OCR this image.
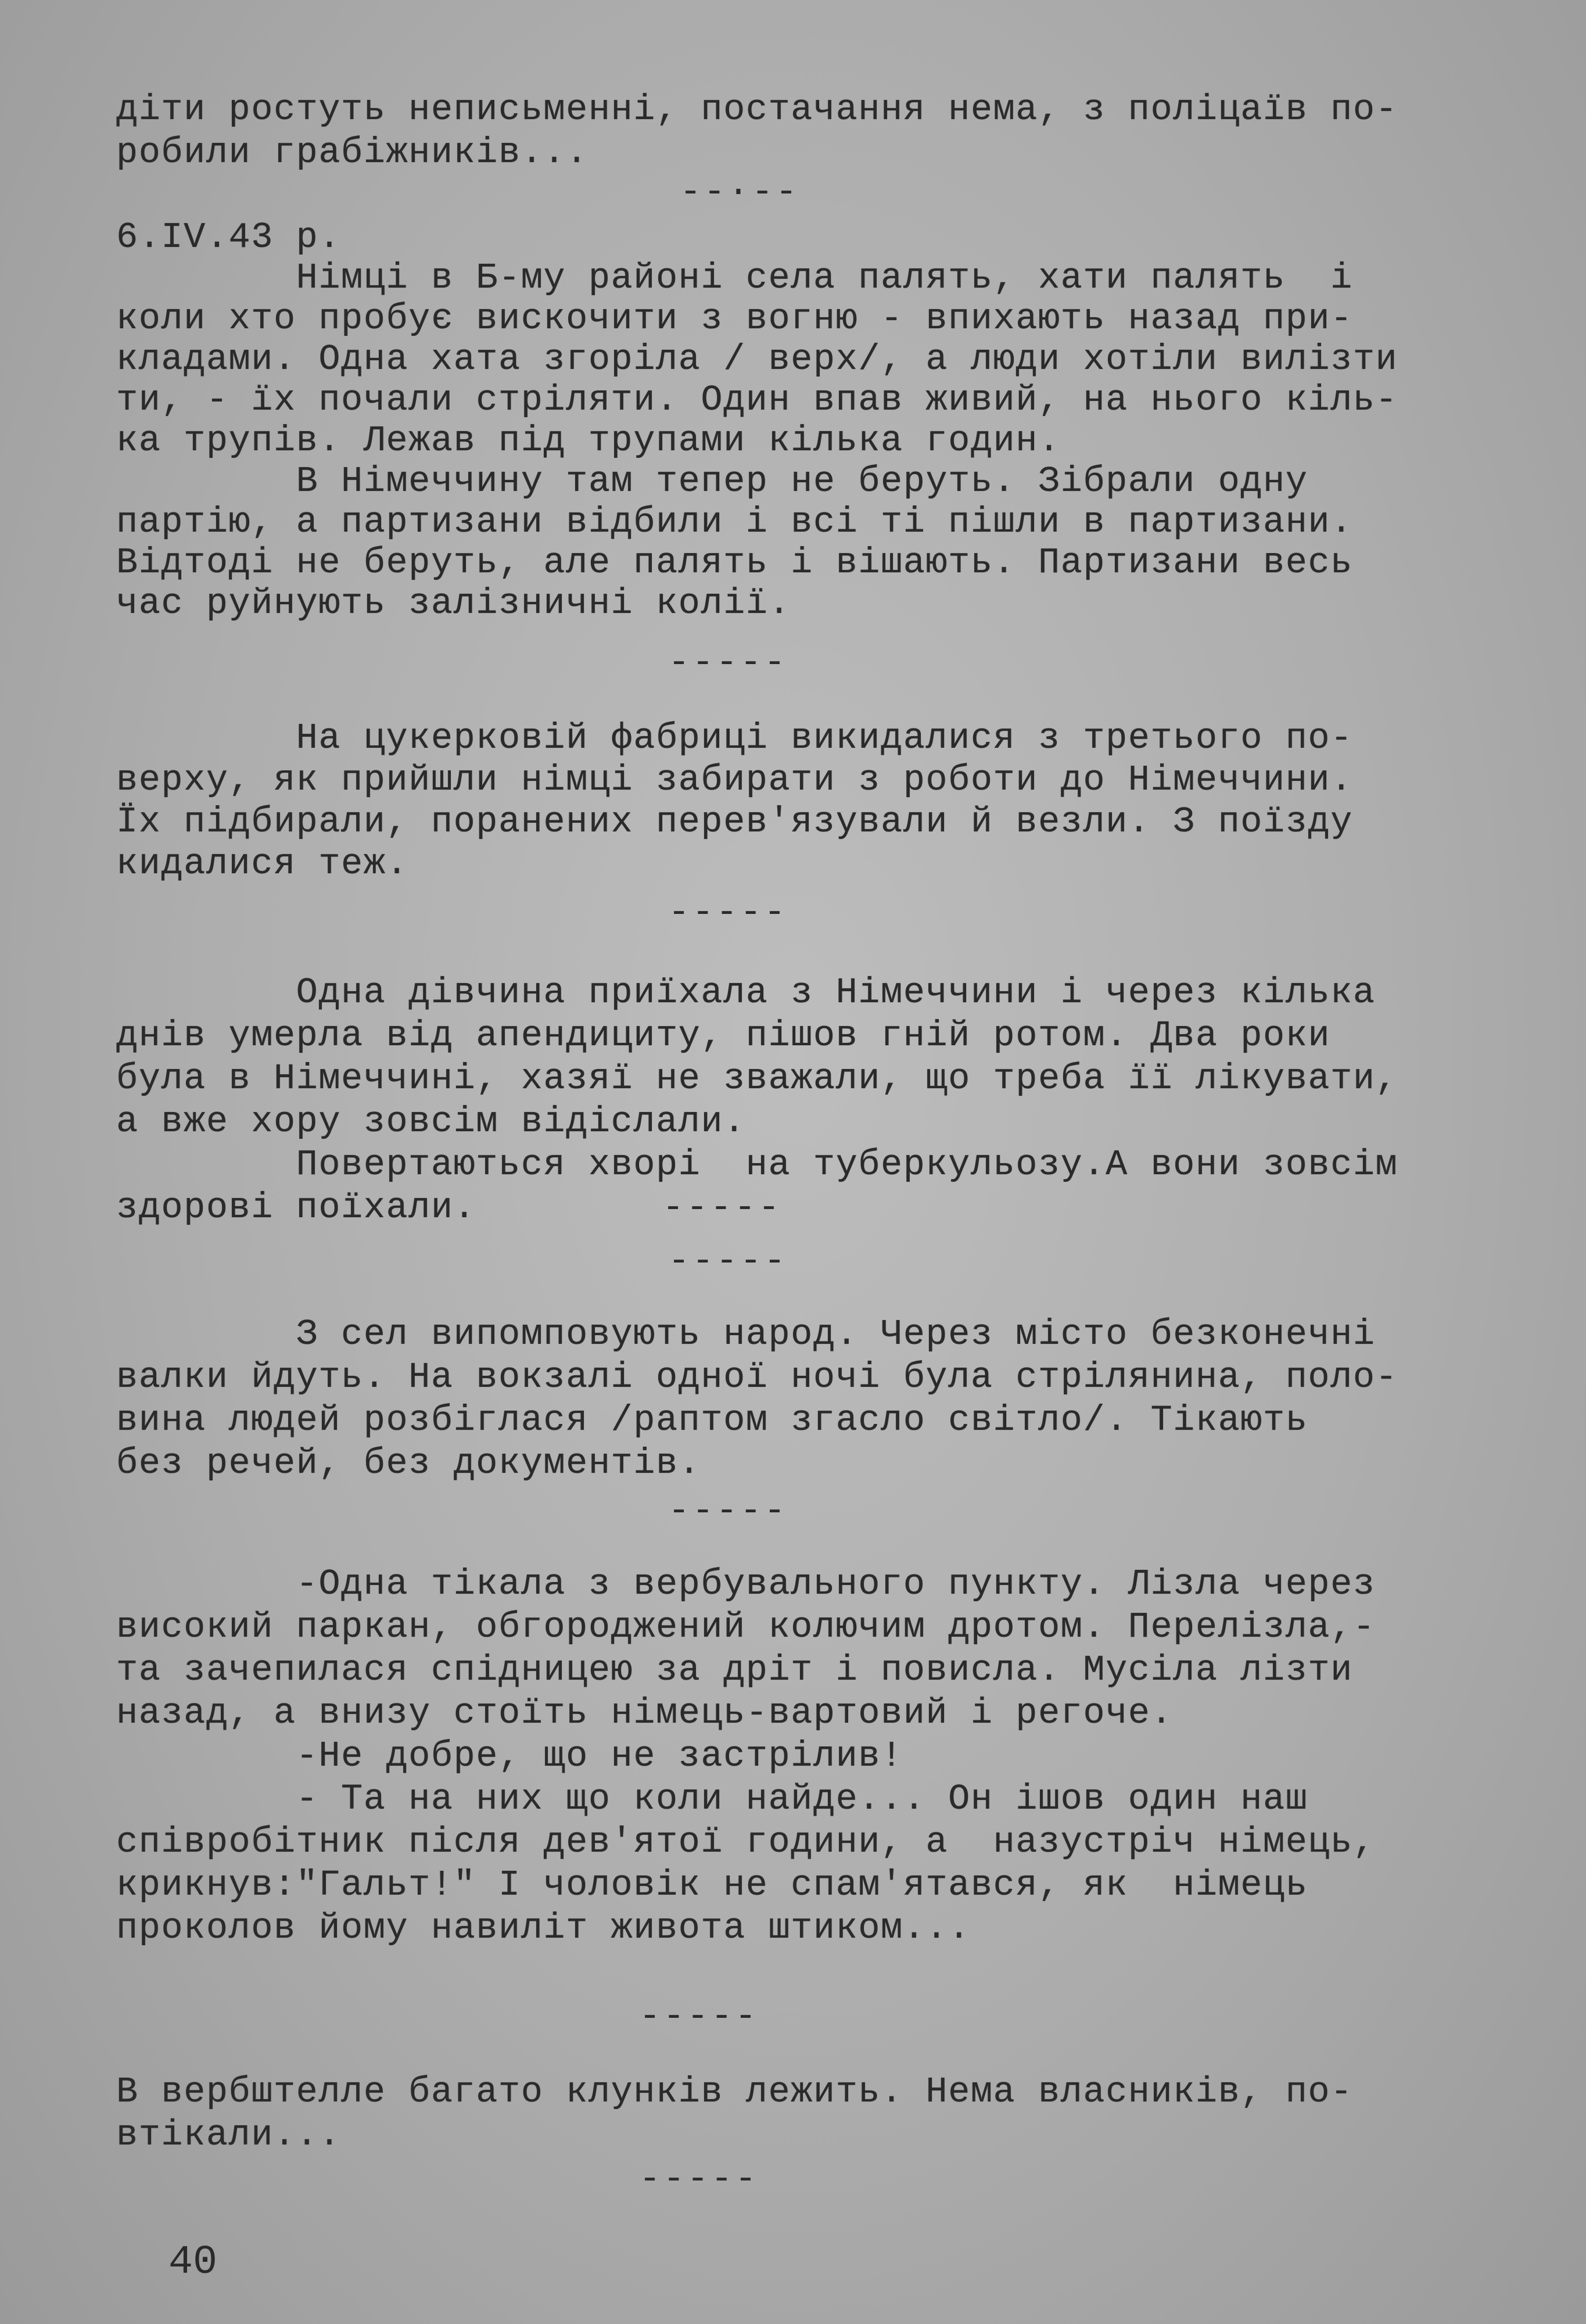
діти ростуть неписьменні, постачання нема, з поліцаїв по-
робили грабіжників...
--·--
6.IV.43 р.
Німці в Б-му районі села палять, хати палять  і
коли хто пробує вискочити з вогню - впихають назад при-
кладами. Одна хата згоріла / верх/, а люди хотіли вилізти
ти, - їх почали стріляти. Один впав живий, на нього кіль-
ка трупів. Лежав під трупами кілька годин.
В Німеччину там тепер не беруть. Зібрали одну
партію, а партизани відбили і всі ті пішли в партизани.
Відтоді не беруть, але палять і вішають. Партизани весь
час руйнують залізничні колії.
-----
На цукерковій фабриці викидалися з третього по-
верху, як прийшли німці забирати з роботи до Німеччини.
Їх підбирали, поранених перев'язували й везли. З поїзду
кидалися теж.
-----
Одна дівчина приїхала з Німеччини і через кілька
днів умерла від апендициту, пішов гній ротом. Два роки
була в Німеччині, хазяї не зважали, що треба її лікувати,
а вже хору зовсім відіслали.
Повертаються хворі  на туберкульозу.А вони зовсім
здорові поїхали.	-----
-----
З сел випомповують народ. Через місто безконечні
валки йдуть. На вокзалі одної ночі була стрілянина, поло-
вина людей розбіглася /раптом згасло світло/. Тікають
без речей, без документів.
-----
-Одна тікала з вербувального пункту. Лізла через
високий паркан, обгороджений колючим дротом. Перелізла,-
та зачепилася спідницею за дріт і повисла. Мусіла лізти
назад, а внизу стоїть німець-вартовий і регоче.
-Не добре, що не застрілив!
- Та на них що коли найде... Он ішов один наш
співробітник після дев'ятої години, а  назустріч німець,
крикнув:"Гальт!" І чоловік не спам'ятався, як  німець
проколов йому навиліт живота штиком...
-----
В вербштелле багато клунків лежить. Нема власників, по-
втікали...
-----
40
